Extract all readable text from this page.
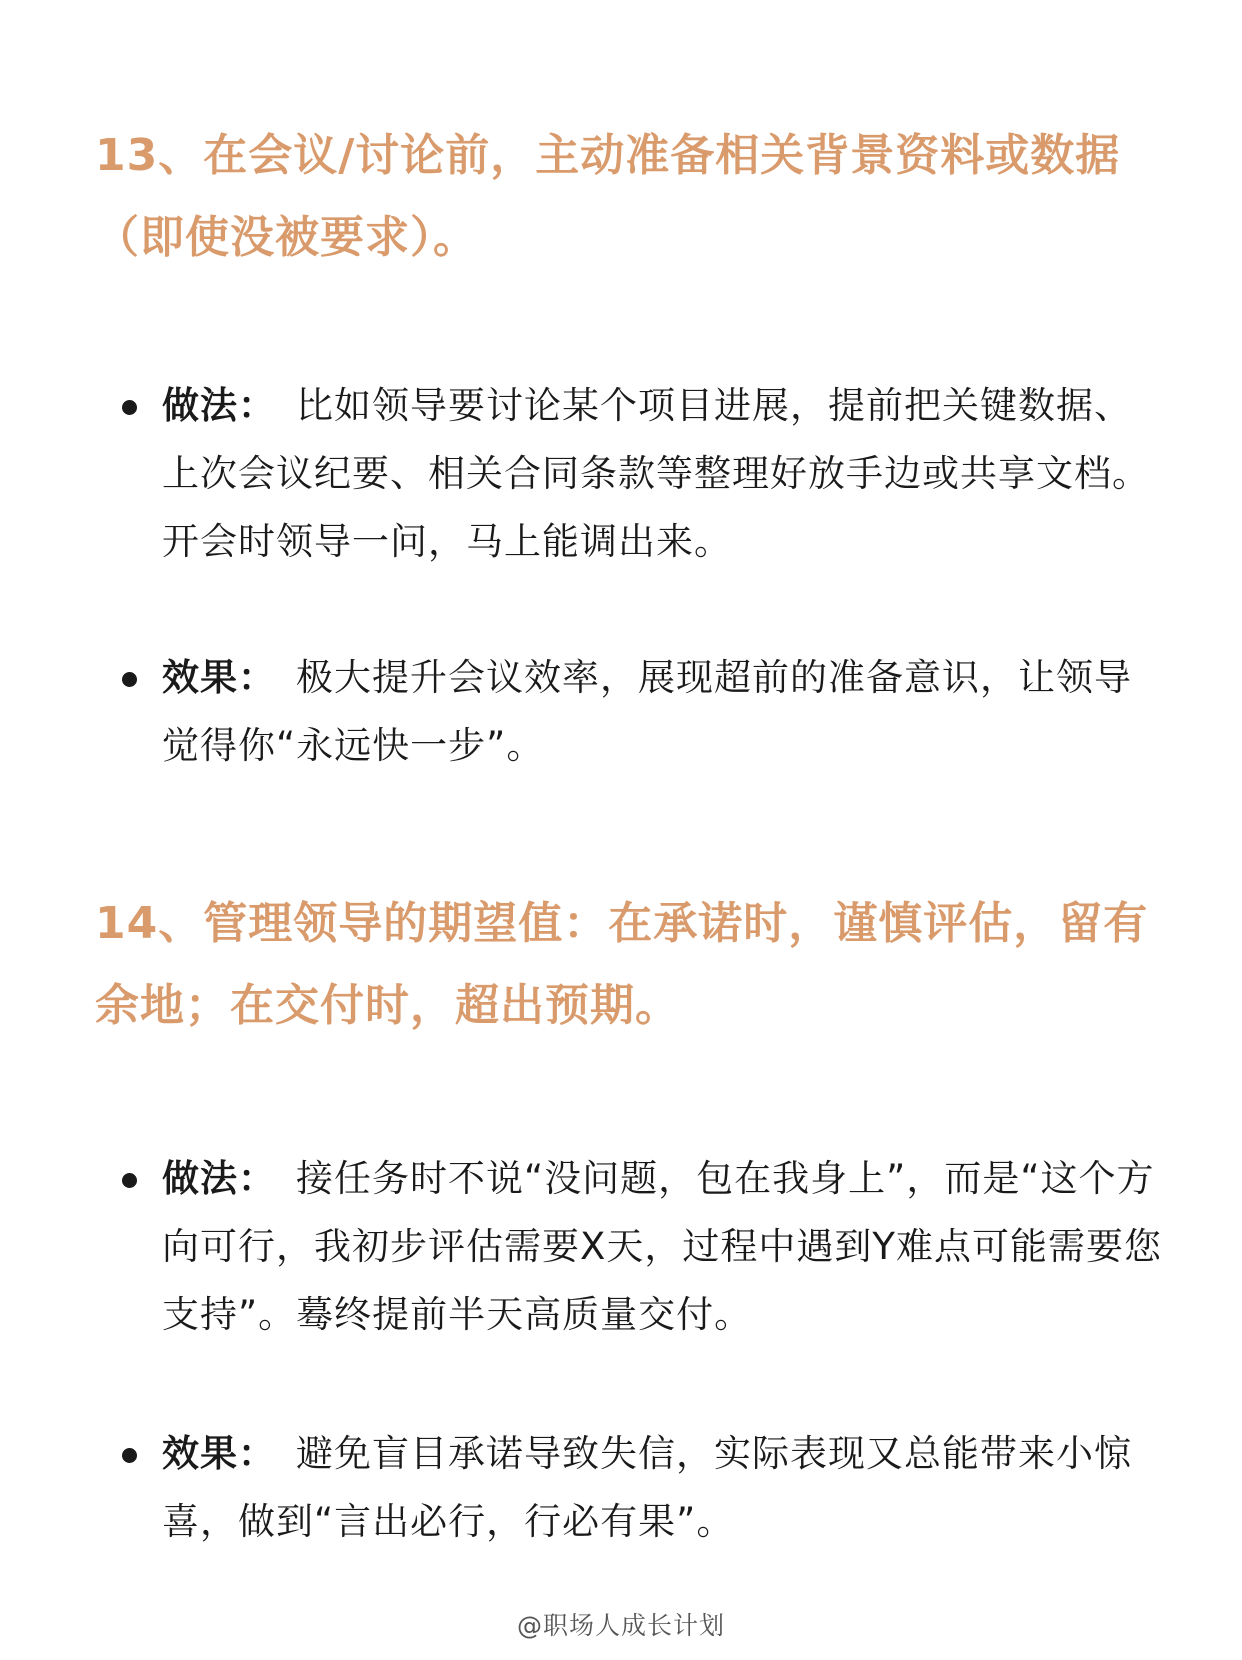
13、在会议/讨论前，主动准备相关背景资料或数据（即使没被要求）。
做法： 比如领导要讨论某个项目进展，提前把关键数据、上次会议纪要、相关合同条款等整理好放手边或共享文档。开会时领导一问，马上能调出来。
效果： 极大提升会议效率，展现超前的准备意识，让领导觉得你“永远快一步”。
14、管理领导的期望值：在承诺时，谨慎评估，留有余地；在交付时，超出预期。
做法： 接任务时不说“没问题，包在我身上”，而是“这个方向可行，我初步评估需要X天，过程中遇到Y难点可能需要您支持”。蓦终提前半天高质量交付。
效果： 避免盲目承诺导致失信，实际表现又总能带来小惊喜，做到“言出必行，行必有果”。
@职场人成长计划
